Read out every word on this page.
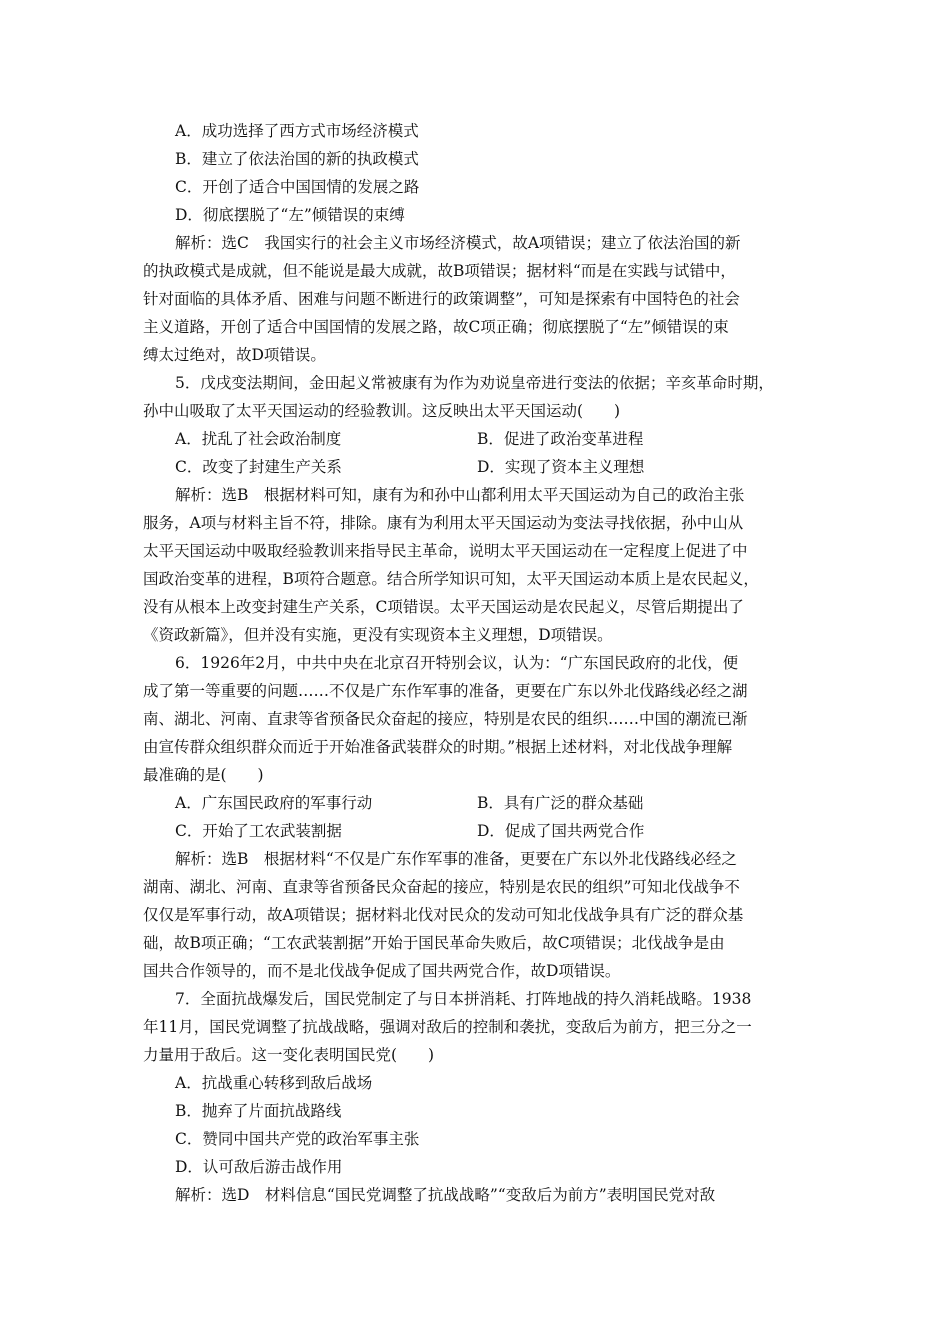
A．成功选择了西方式市场经济模式
B．建立了依法治国的新的执政模式
C．开创了适合中国国情的发展之路
D．彻底摆脱了“左”倾错误的束缚
解析：选C　我国实行的社会主义市场经济模式，故A项错误；建立了依法治国的新
的执政模式是成就，但不能说是最大成就，故B项错误；据材料“而是在实践与试错中，
针对面临的具体矛盾、困难与问题不断进行的政策调整”，可知是探索有中国特色的社会
主义道路，开创了适合中国国情的发展之路，故C项正确；彻底摆脱了“左”倾错误的束
缚太过绝对，故D项错误。
5．戊戌变法期间，金田起义常被康有为作为劝说皇帝进行变法的依据；辛亥革命时期，
孙中山吸取了太平天国运动的经验教训。这反映出太平天国运动(　　)
A．扰乱了社会政治制度	B．促进了政治变革进程
C．改变了封建生产关系	D．实现了资本主义理想
解析：选B　根据材料可知，康有为和孙中山都利用太平天国运动为自己的政治主张
服务，A项与材料主旨不符，排除。康有为利用太平天国运动为变法寻找依据，孙中山从
太平天国运动中吸取经验教训来指导民主革命，说明太平天国运动在一定程度上促进了中
国政治变革的进程，B项符合题意。结合所学知识可知，太平天国运动本质上是农民起义，
没有从根本上改变封建生产关系，C项错误。太平天国运动是农民起义，尽管后期提出了
《资政新篇》，但并没有实施，更没有实现资本主义理想，D项错误。
6．1926年2月，中共中央在北京召开特别会议，认为：“广东国民政府的北伐，便
成了第一等重要的问题……不仅是广东作军事的准备，更要在广东以外北伐路线必经之湖
南、湖北、河南、直隶等省预备民众奋起的接应，特别是农民的组织……中国的潮流已渐
由宣传群众组织群众而近于开始准备武装群众的时期。”根据上述材料，对北伐战争理解
最准确的是(　　)
A．广东国民政府的军事行动	B．具有广泛的群众基础
C．开始了工农武装割据	D．促成了国共两党合作
解析：选B　根据材料“不仅是广东作军事的准备，更要在广东以外北伐路线必经之
湖南、湖北、河南、直隶等省预备民众奋起的接应，特别是农民的组织”可知北伐战争不
仅仅是军事行动，故A项错误；据材料北伐对民众的发动可知北伐战争具有广泛的群众基
础，故B项正确；“工农武装割据”开始于国民革命失败后，故C项错误；北伐战争是由
国共合作领导的，而不是北伐战争促成了国共两党合作，故D项错误。
7．全面抗战爆发后，国民党制定了与日本拼消耗、打阵地战的持久消耗战略。1938
年11月，国民党调整了抗战战略，强调对敌后的控制和袭扰，变敌后为前方，把三分之一
力量用于敌后。这一变化表明国民党(　　)
A．抗战重心转移到敌后战场
B．抛弃了片面抗战路线
C．赞同中国共产党的政治军事主张
D．认可敌后游击战作用
解析：选D　材料信息“国民党调整了抗战战略”“变敌后为前方”表明国民党对敌
